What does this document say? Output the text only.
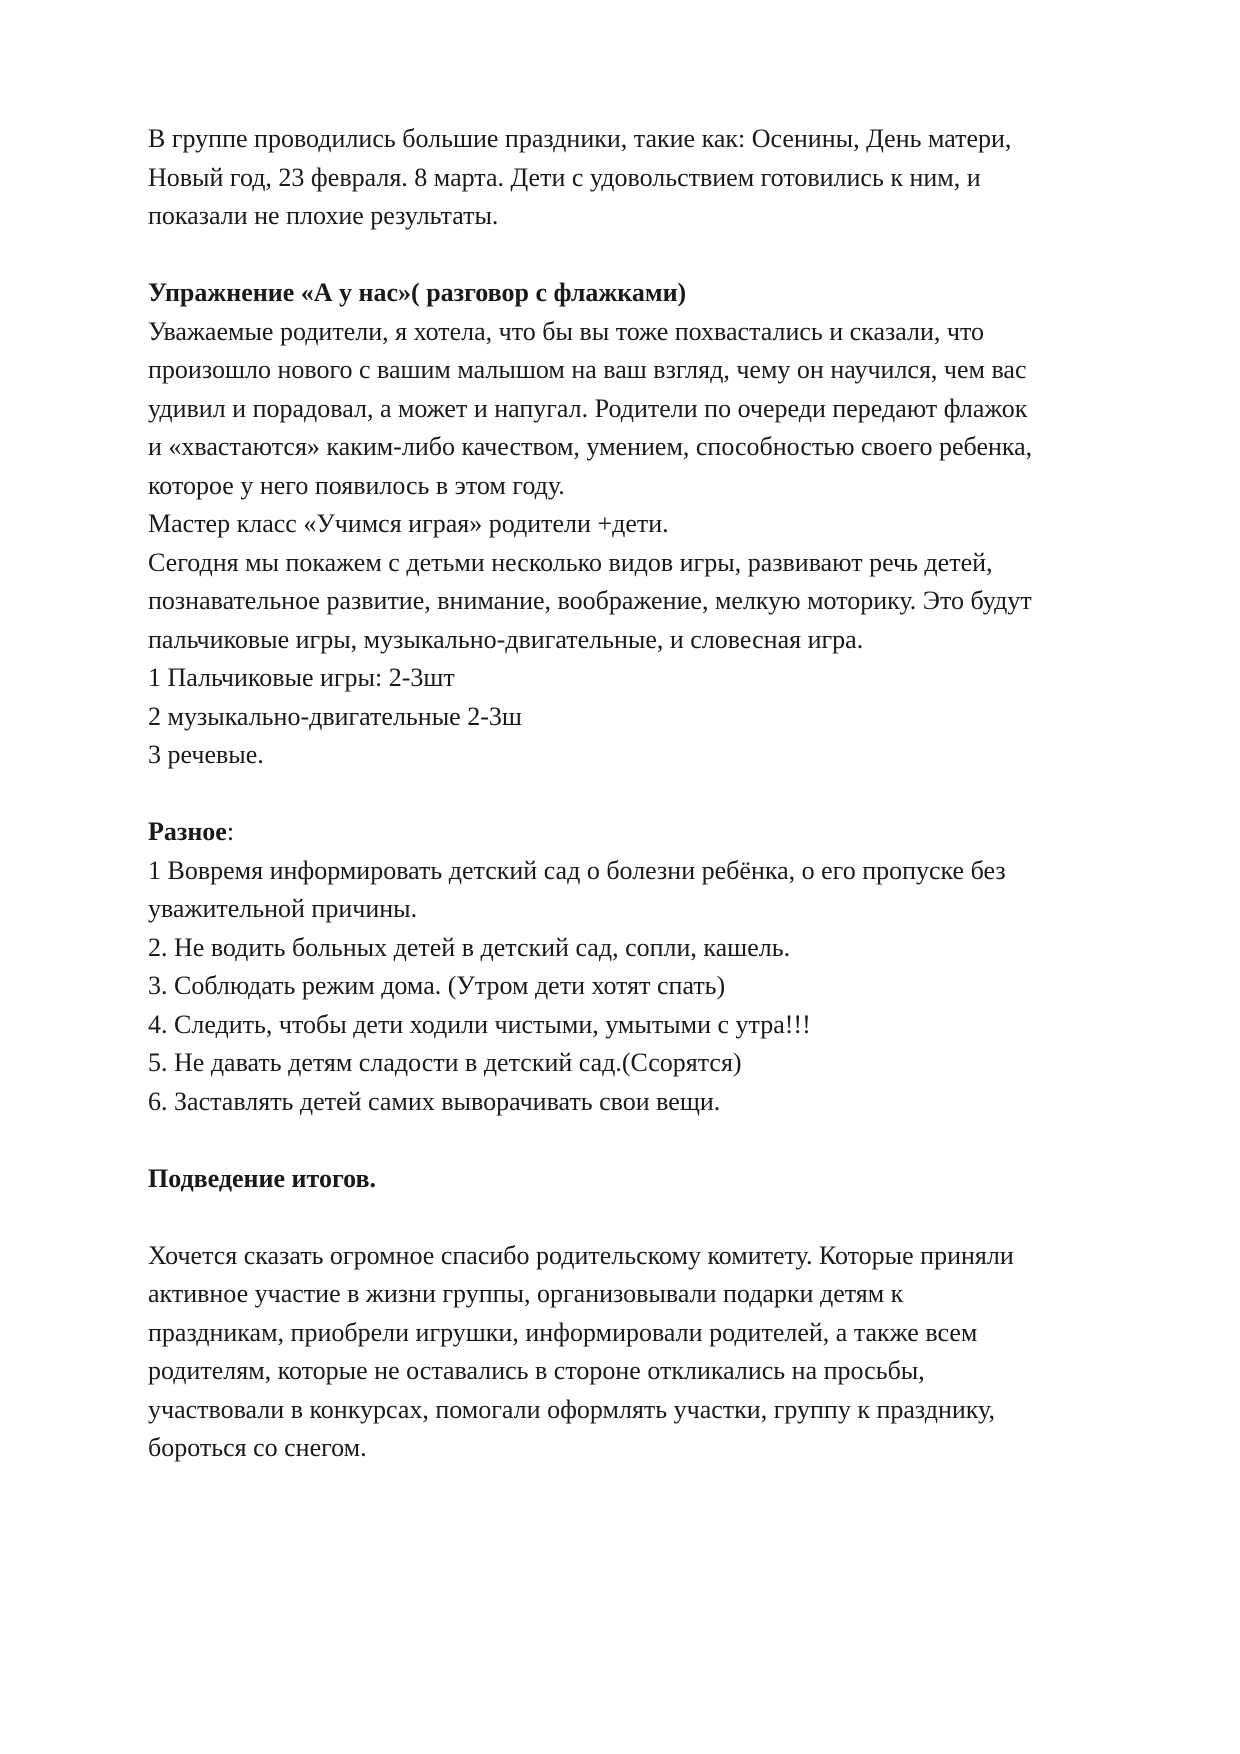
В группе проводились большие праздники, такие как: Осенины, День матери,
Новый год, 23 февраля. 8 марта. Дети с удовольствием готовились к ним, и
показали не плохие результаты.
Упражнение «А у нас»( разговор с флажками)
Уважаемые родители, я хотела, что бы вы тоже похвастались и сказали, что
произошло нового с вашим малышом на ваш взгляд, чему он научился, чем вас
удивил и порадовал, а может и напугал. Родители по очереди передают флажок
и «хвастаются» каким-либо качеством, умением, способностью своего ребенка,
которое у него появилось в этом году.
Мастер класс «Учимся играя» родители +дети.
Сегодня мы покажем с детьми несколько видов игры, развивают речь детей,
познавательное развитие, внимание, воображение, мелкую моторику. Это будут
пальчиковые игры, музыкально-двигательные, и словесная игра.
1 Пальчиковые игры: 2-3шт
2 музыкально-двигательные 2-3ш
3 речевые.
Разное:
1 Вовремя информировать детский сад о болезни ребёнка, о его пропуске без
уважительной причины.
2. Не водить больных детей в детский сад, сопли, кашель.
3. Соблюдать режим дома. (Утром дети хотят спать)
4. Следить, чтобы дети ходили чистыми, умытыми с утра!!!
5. Не давать детям сладости в детский сад.(Ссорятся)
6. Заставлять детей самих выворачивать свои вещи.
Подведение итогов.
Хочется сказать огромное спасибо родительскому комитету. Которые приняли
активное участие в жизни группы, организовывали подарки детям к
праздникам, приобрели игрушки, информировали родителей, а также всем
родителям, которые не оставались в стороне откликались на просьбы,
участвовали в конкурсах, помогали оформлять участки, группу к празднику,
бороться со снегом.
